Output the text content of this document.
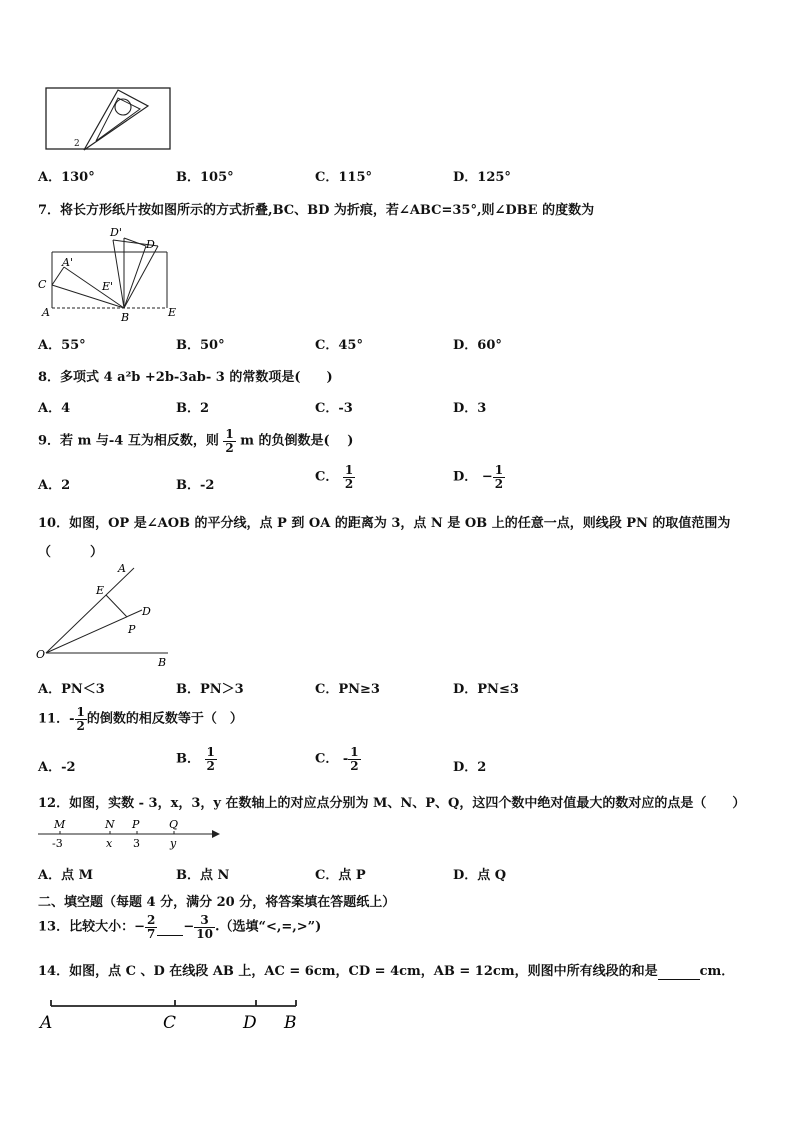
2
A．130°	B．105°	C．115°	D．125°
7．将长方形纸片按如图所示的方式折叠,BC、BD 为折痕，若∠ABC=35°,则∠DBE 的度数为
D'
D
A'
E'
C
A	B	E
A．55°	B．50°	C．45°	D．60°
8．多项式 4 a²b +2b-3ab- 3 的常数项是(　　)
A．4	B．2	C．-3	D．3
9．若 m 与-4 互为相反数，则 $\frac{1}{2}$ m 的负倒数是(　 )
A．2	B．-2
C． $\frac{1}{2}$	D． − $\frac{1}{2}$
10．如图，OP 是∠AOB 的平分线，点 P 到 OA 的距离为 3，点 N 是 OB 上的任意一点，则线段 PN 的取值范围为
（　　　）
A
E
D
P
O
B
A．PN＜3	B．PN＞3	C．PN≥3	D．PN≤3
11．- $\frac{1}{2}$ 的倒数的相反数等于（　）
A．-2
B． $\frac{1}{2}$	C． - $\frac{1}{2}$	D．2
12．如图，实数 - 3，x，3，y 在数轴上的对应点分别为 M、N、P、Q，这四个数中绝对值最大的数对应的点是（　　）
M	N P	Q
-3	x 3	y
A．点 M	B．点 N	C．点 P	D．点 Q
二、填空题（每题 4 分，满分 20 分，将答案填在答题纸上）
13．比较大小：− $\frac{2}{7} - \frac{3}{10}$ .（选填“<,=,>”)
14．如图，点 C 、D 在线段 AB 上，AC = 6cm，CD = 4cm，AB = 12cm，则图中所有线段的和是	cm．
A	C	D B
